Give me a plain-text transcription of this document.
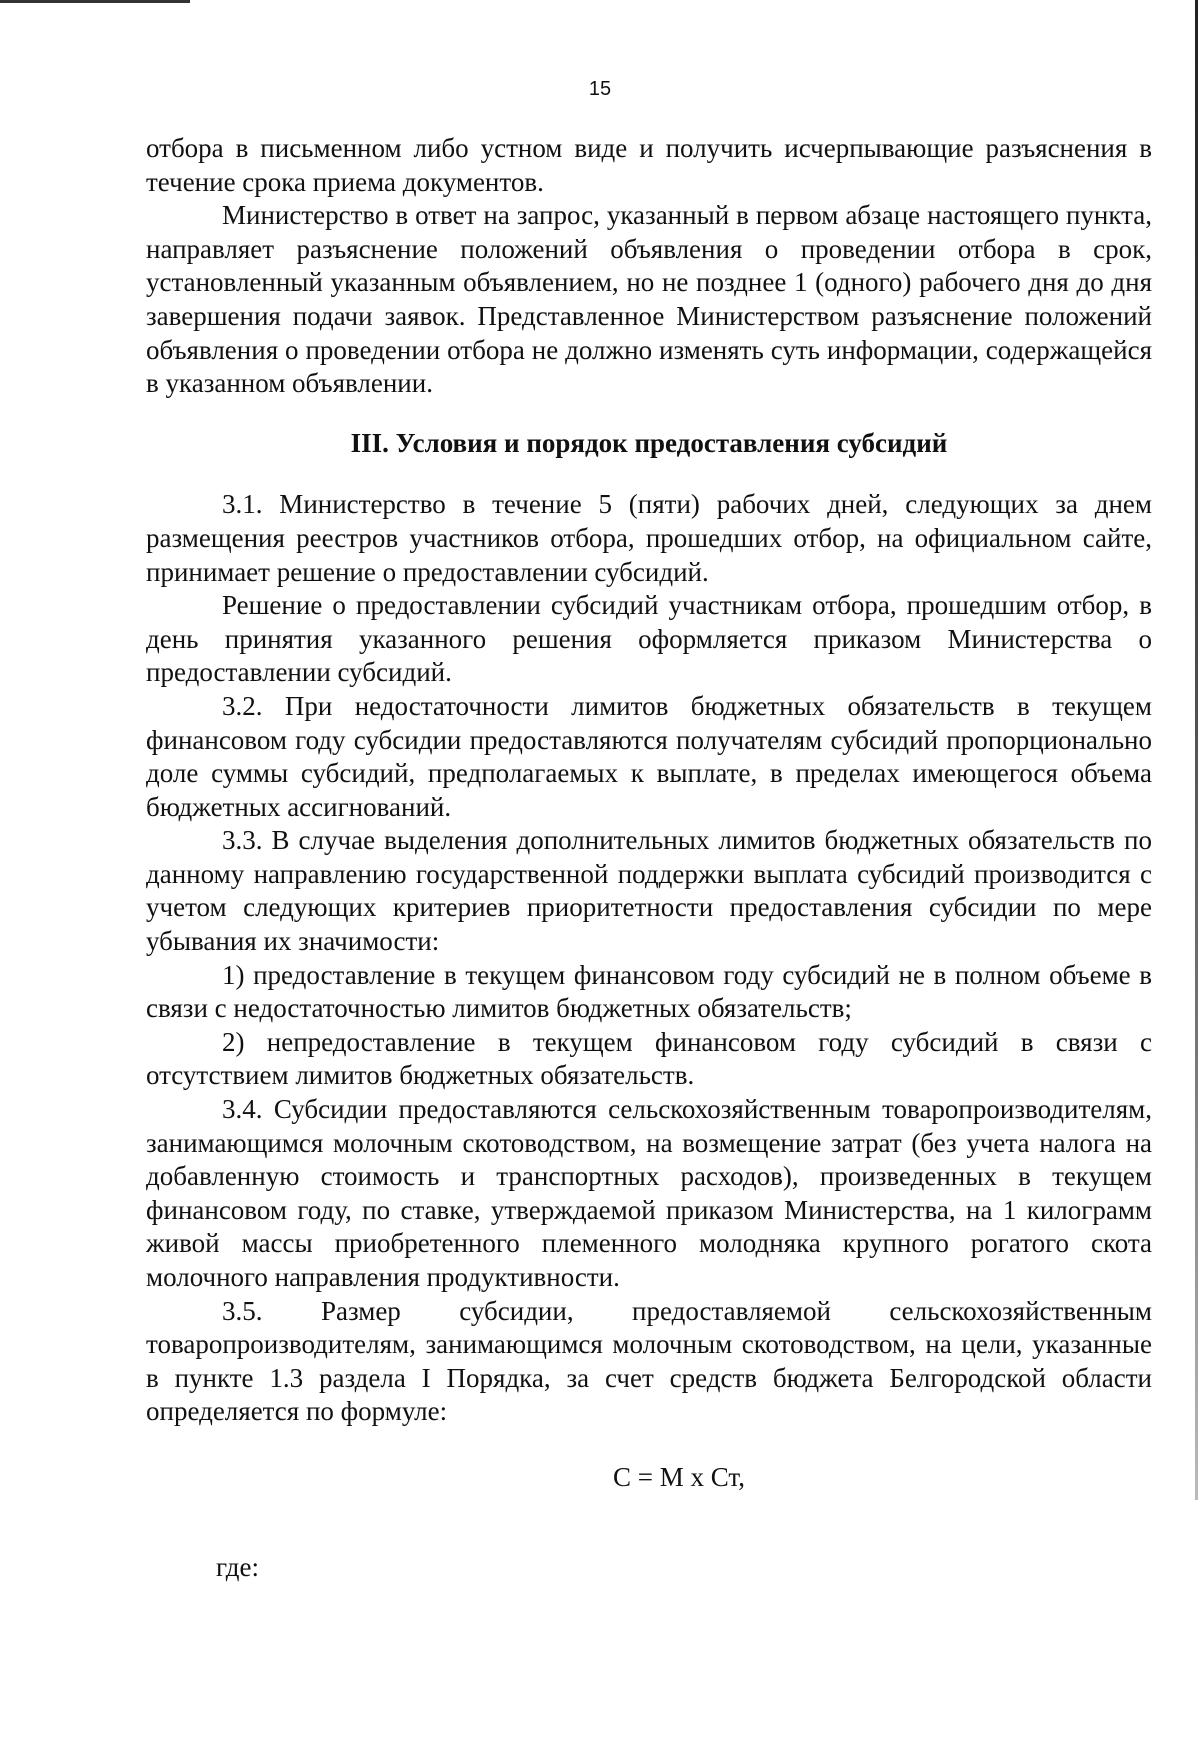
15

отбора в письменном либо устном виде и получить исчерпывающие разъяснения в течение срока приема документов.

Министерство в ответ на запрос, указанный в первом абзаце настоящего пункта, направляет разъяснение положений объявления о проведении отбора в срок, установленный указанным объявлением, но не позднее 1 (одного) рабочего дня до дня завершения подачи заявок. Представленное Министерством разъяснение положений объявления о проведении отбора не должно изменять суть информации, содержащейся в указанном объявлении.

III. Условия и порядок предоставления субсидий

3.1. Министерство в течение 5 (пяти) рабочих дней, следующих за днем размещения реестров участников отбора, прошедших отбор, на официальном сайте, принимает решение о предоставлении субсидий.

Решение о предоставлении субсидий участникам отбора, прошедшим отбор, в день принятия указанного решения оформляется приказом Министерства о предоставлении субсидий.

3.2. При недостаточности лимитов бюджетных обязательств в текущем финансовом году субсидии предоставляются получателям субсидий пропорционально доле суммы субсидий, предполагаемых к выплате, в пределах имеющегося объема бюджетных ассигнований.

3.3. В случае выделения дополнительных лимитов бюджетных обязательств по данному направлению государственной поддержки выплата субсидий производится с учетом следующих критериев приоритетности предоставления субсидии по мере убывания их значимости:

1) предоставление в текущем финансовом году субсидий не в полном объеме в связи с недостаточностью лимитов бюджетных обязательств;

2) непредоставление в текущем финансовом году субсидий в связи с отсутствием лимитов бюджетных обязательств.

3.4. Субсидии предоставляются сельскохозяйственным товаропроизводителям, занимающимся молочным скотоводством, на возмещение затрат (без учета налога на добавленную стоимость и транспортных расходов), произведенных в текущем финансовом году, по ставке, утверждаемой приказом Министерства, на 1 килограмм живой массы приобретенного племенного молодняка крупного рогатого скота молочного направления продуктивности.

3.5. Размер субсидии, предоставляемой сельскохозяйственным товаропроизводителям, занимающимся молочным скотоводством, на цели, указанные в пункте 1.3 раздела I Порядка, за счет средств бюджета Белгородской области определяется по формуле:

С = М х Ст,

где:
